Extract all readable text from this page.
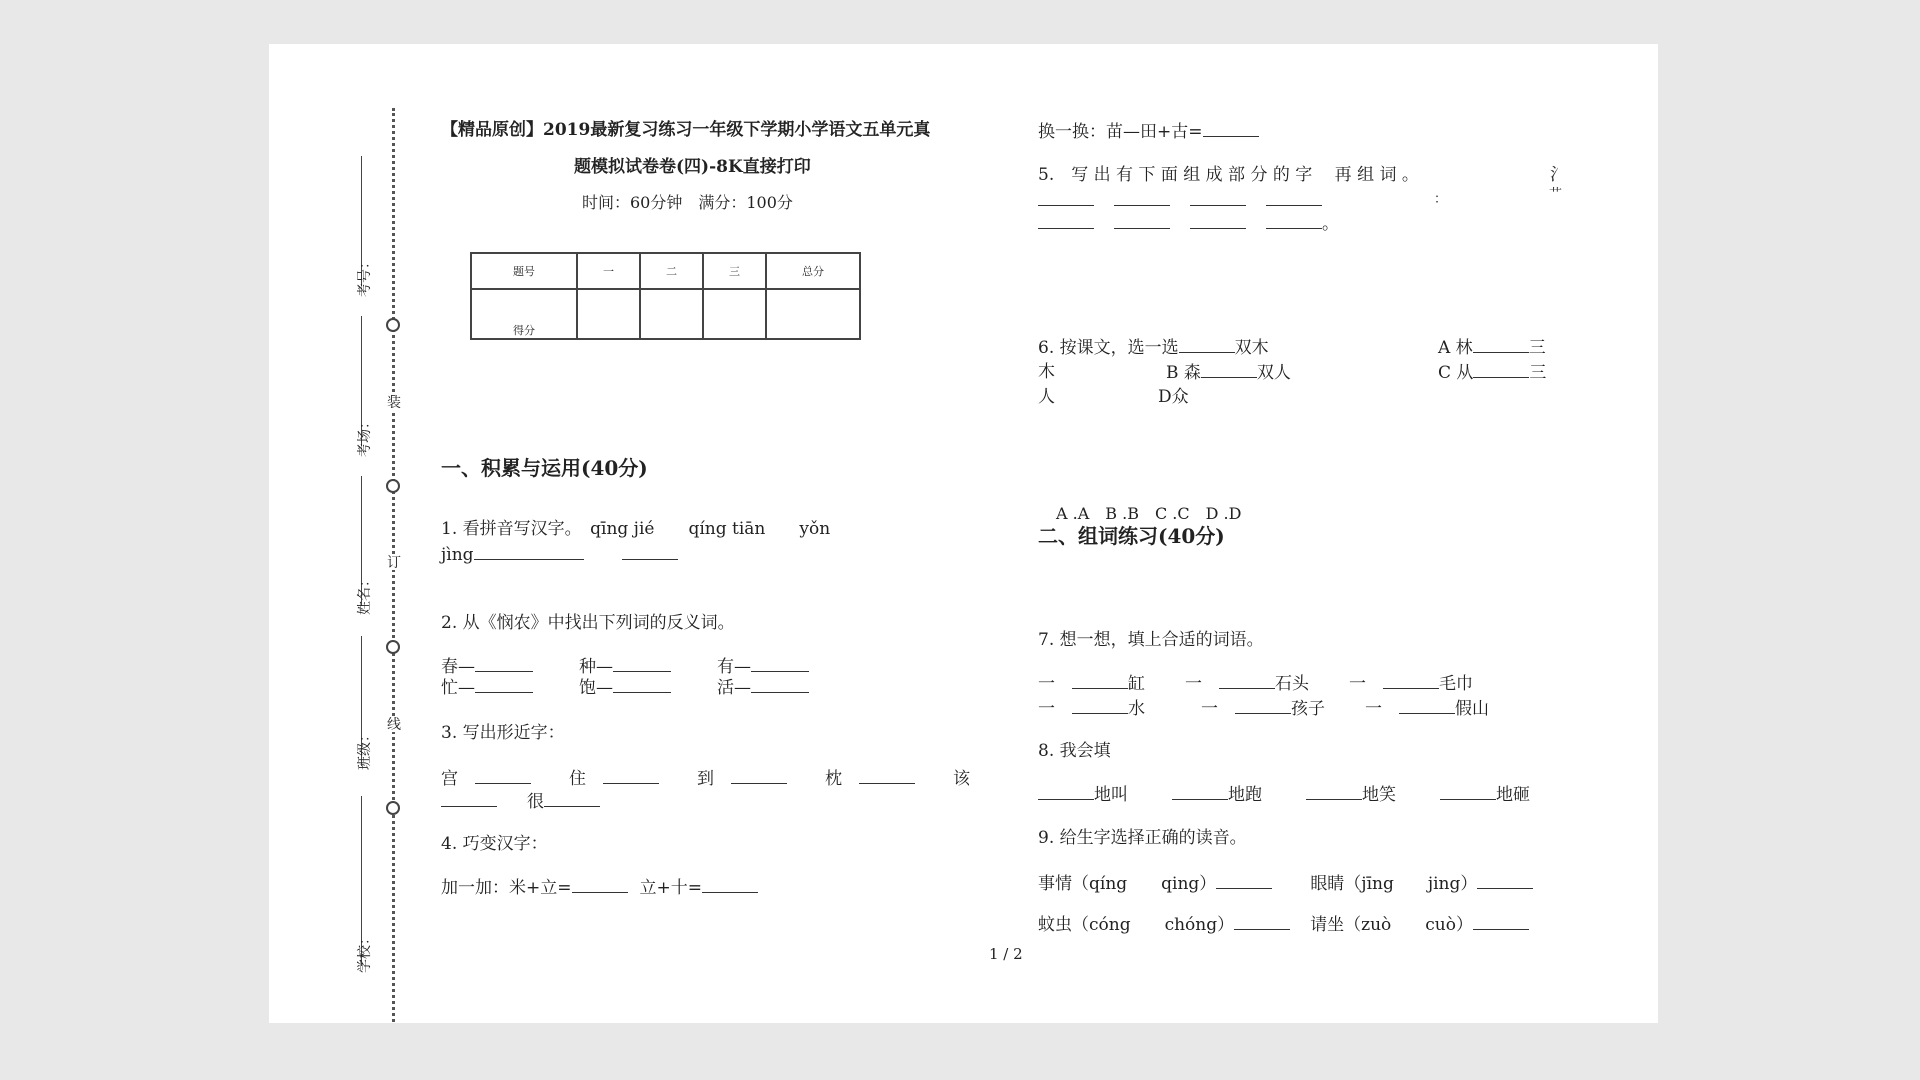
装
订
线
考号：
考场：
姓名：
班级：
学校：
【精品原创】2019最新复习练习一年级下学期小学语文五单元真
题模拟试卷卷(四)-8K直接打印
时间：60分钟　满分：100分
题号	一	二	三	总分
得分				
一、积累与运用(40分)
1. 看拼音写汉字。　qīng jié　　qíng tiān　　yǒn
jìng
2. 从《悯农》中找出下列词的反义词。
春—	种—	有—
忙—	饱—	活—
3. 写出形近字：
宫　	住　	到　	枕　	该
很
4. 巧变汉字：
加一加：米+立=	立+十=
换一换：苗—田+古=
5.　写 出 有 下 面 组 成 部 分 的 字　 再 组 词 。	氵
艹
：
。
6. 按课文，选一选	双木	A 林	三
木	B 森	双人	C 从	三
人	D众
A .A　B .B　C .C　D .D
二、组词练习(40分)
7. 想一想，填上合适的词语。
一　	缸 一　	石头 一　	毛巾
一　	水	一　	孩子 一　	假山
8. 我会填
地叫	地跑	地笑	地砸
9. 给生字选择正确的读音。
事情（qíng　　qing）	眼睛（jīng　　jing）
蚊虫（cóng　　chóng）	请坐（zuò　　cuò）
1 / 2
